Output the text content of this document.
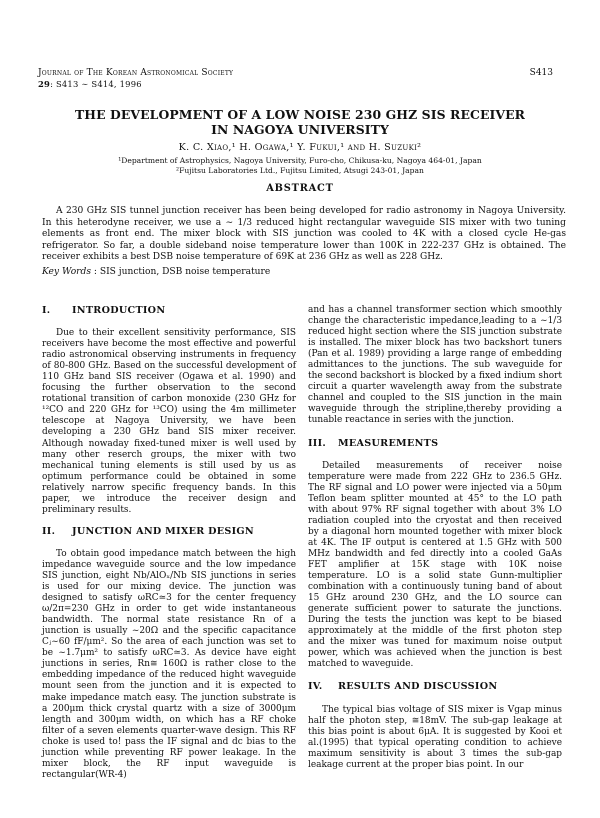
Journal of The Korean Astronomical Society
29: S413 ∼ S414, 1996
S413
THE DEVELOPMENT OF A LOW NOISE 230 GHZ SIS RECEIVER
IN NAGOYA UNIVERSITY
K. C. Xiao,¹ H. Ogawa,¹ Y. Fukui,¹ and H. Suzuki²
¹Department of Astrophysics, Nagoya University, Furo-cho, Chikusa-ku, Nagoya 464-01, Japan
²Fujitsu Laboratories Ltd., Fujitsu Limited, Atsugi 243-01, Japan
ABSTRACT

A 230 GHz SIS tunnel junction receiver has been being developed for radio astronomy in Nagoya University. In this heterodyne receiver, we use a ∼ 1/3 reduced hight rectangular waveguide SIS mixer with two tuning elements as front end. The mixer block with SIS junction was cooled to 4K with a closed cycle He-gas refrigerator. So far, a double sideband noise temperature lower than 100K in 222-237 GHz is obtained. The receiver exhibits a best DSB noise temperature of 69K at 236 GHz as well as 228 GHz.

Key Words : SIS junction, DSB noise temperature

I. INTRODUCTION

Due to their excellent sensitivity performance, SIS receivers have become the most effective and powerful radio astronomical observing instruments in frequency of 80-800 GHz. Based on the successful development of 110 GHz band SIS receiver (Ogawa et al. 1990) and focusing the further observation to the second rotational transition of carbon monoxide (230 GHz for ¹²CO and 220 GHz for ¹³CO) using the 4m millimeter telescope at Nagoya University, we have been developing a 230 GHz band SIS mixer receiver. Although nowaday fixed-tuned mixer is well used by many other reserch groups, the mixer with two mechanical tuning elements is still used by us as optimum performance could be obtained in some relatively narrow specific frequency bands. In this paper, we introduce the receiver design and preliminary results.

II. JUNCTION AND MIXER DESIGN

To obtain good impedance match between the high impedance waveguide source and the low impedance SIS junction, eight Nb/AlOₓ/Nb SIS junctions in series is used for our mixing device. The junction was designed to satisfy ωRC≃3 for the center frequency ω/2π=230 GHz in order to get wide instantaneous bandwidth. The normal state resistance Rn of a junction is usually ∼20Ω and the specific capacitance Cⱼ∼60 fF/μm². So the area of each junction was set to be ∼1.7μm² to satisfy ωRC≃3. As device have eight junctions in series, Rn≅ 160Ω is rather close to the embedding impedance of the reduced hight waveguide mount seen from the junction and it is expected to make impedance match easy. The junction substrate is a 200μm thick crystal quartz with a size of 3000μm length and 300μm width, on which has a RF choke filter of a seven elements quarter-wave design. This RF choke is used to! pass the IF signal and dc bias to the junction while preventing RF power leakage. In the mixer block, the RF input waveguide is rectangular(WR-4)

and has a channel transformer section which smoothly change the characteristic impedance,leading to a ∼1/3 reduced hight section where the SIS junction substrate is installed. The mixer block has two backshort tuners (Pan et al. 1989) providing a large range of embedding admittances to the junctions. The sub waveguide for the second backshort is blocked by a fixed indium short circuit a quarter wavelength away from the substrate channel and coupled to the SIS junction in the main waveguide through the stripline,thereby providing a tunable reactance in series with the junction.

III. MEASUREMENTS

Detailed measurements of receiver noise temperature were made from 222 GHz to 236.5 GHz. The RF signal and LO power were injected via a 50μm Teflon beam splitter mounted at 45° to the LO path with about 97% RF signal together with about 3% LO radiation coupled into the cryostat and then received by a diagonal horn mounted together with mixer block at 4K. The IF output is centered at 1.5 GHz with 500 MHz bandwidth and fed directly into a cooled GaAs FET amplifier at 15K stage with 10K noise temperature. LO is a solid state Gunn-multiplier combination with a continuously tuning band of about 15 GHz around 230 GHz, and the LO source can generate sufficient power to saturate the junctions. During the tests the junction was kept to be biased approximately at the middle of the first photon step and the mixer was tuned for maximum noise output power, which was achieved when the junction is best matched to waveguide.

IV. RESULTS AND DISCUSSION

The typical bias voltage of SIS mixer is Vgap minus half the photon step, ≅18mV. The sub-gap leakage at this bias point is about 6μA. It is suggested by Kooi et al.(1995) that typical operating condition to achieve maximum sensitivity is about 3 times the sub-gap leakage current at the proper bias point. In our
